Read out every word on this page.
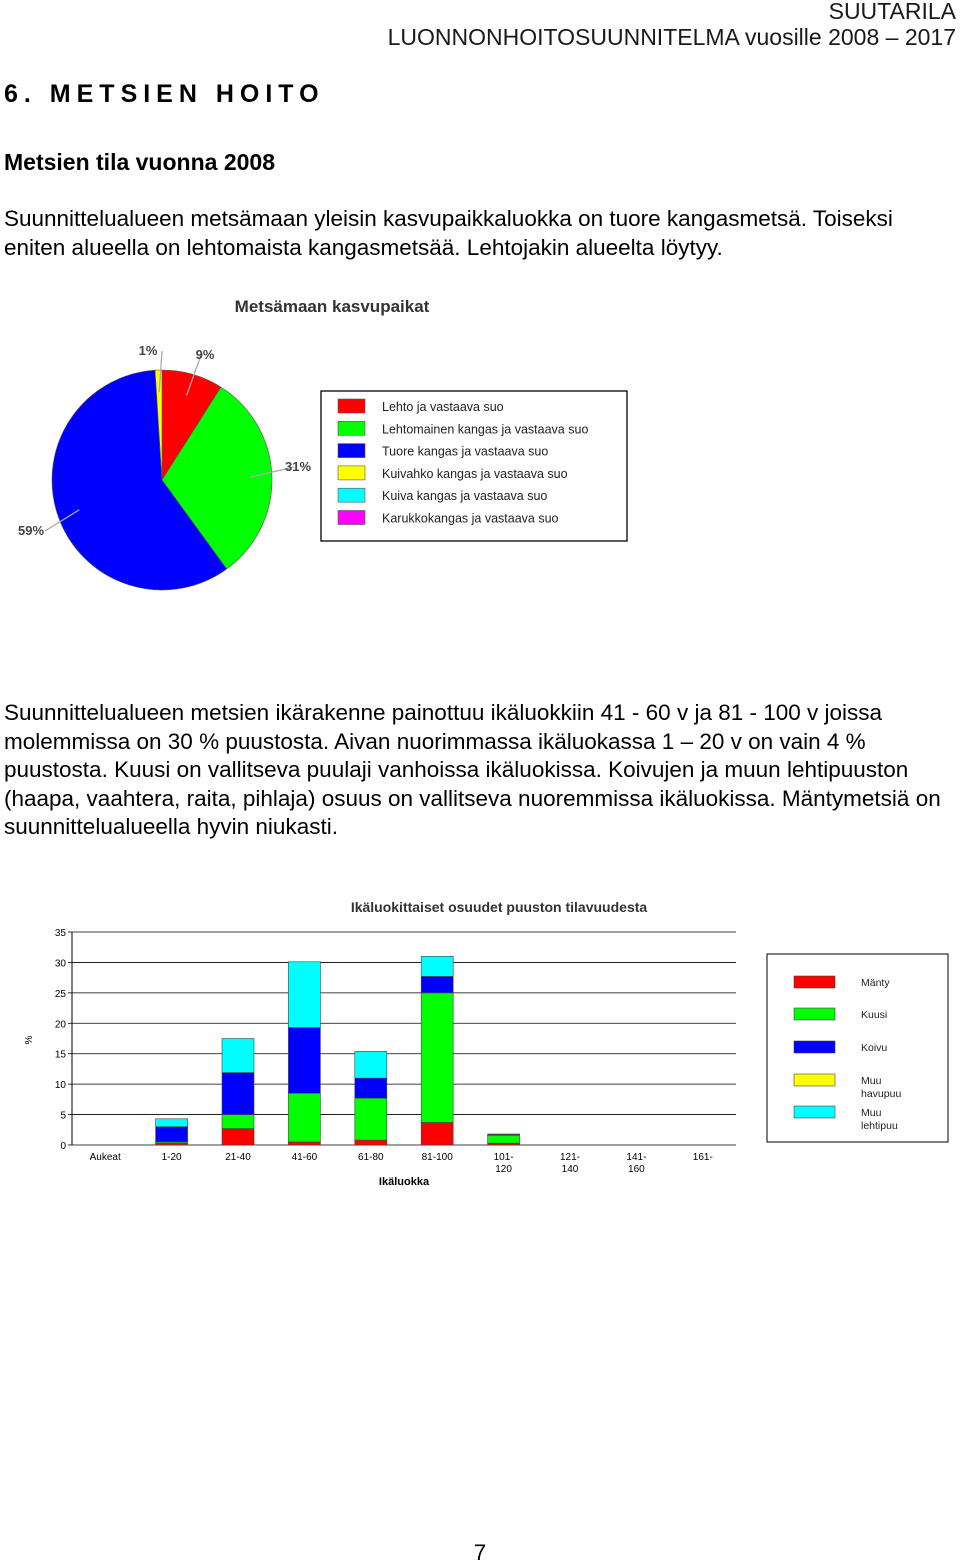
SUUTARILA
LUONNONHOITOSUUNNITELMA vuosille 2008 – 2017
6. METSIEN HOITO
Metsien tila vuonna 2008

Suunnittelualueen metsämaan yleisin kasvupaikkaluokka on tuore kangasmetsä. Toiseksi eniten alueella on lehtomaista kangasmetsää. Lehtojakin alueelta löytyy.

Metsämaan kasvupaikat
1%	9%
31%
59%
Lehto ja vastaava suo
Lehtomainen kangas ja vastaava suo
Tuore kangas ja vastaava suo
Kuivahko kangas ja vastaava suo
Kuiva kangas ja vastaava suo
Karukkokangas ja vastaava suo

Suunnittelualueen metsien ikärakenne painottuu ikäluokkiin 41 - 60 v ja 81 - 100 v joissa molemmissa on 30 % puustosta. Aivan nuorimmassa ikäluokassa 1 – 20 v on vain 4 % puustosta. Kuusi on vallitseva puulaji vanhoissa ikäluokissa. Koivujen ja muun lehtipuuston (haapa, vaahtera, raita, pihlaja) osuus on vallitseva nuoremmissa ikäluokissa. Mäntymetsiä on suunnittelualueella hyvin niukasti.

Ikäluokittaiset osuudet puuston tilavuudesta
0
5
10
15
20
25
30
35
Aukeat	1-20	21-40	41-60	61-80	81-100	101-
120
121-
140
141-
160
161-
%
Ikäluokka
Mänty
Kuusi
Koivu
Muu
havupuu
Muu
lehtipuu
7
